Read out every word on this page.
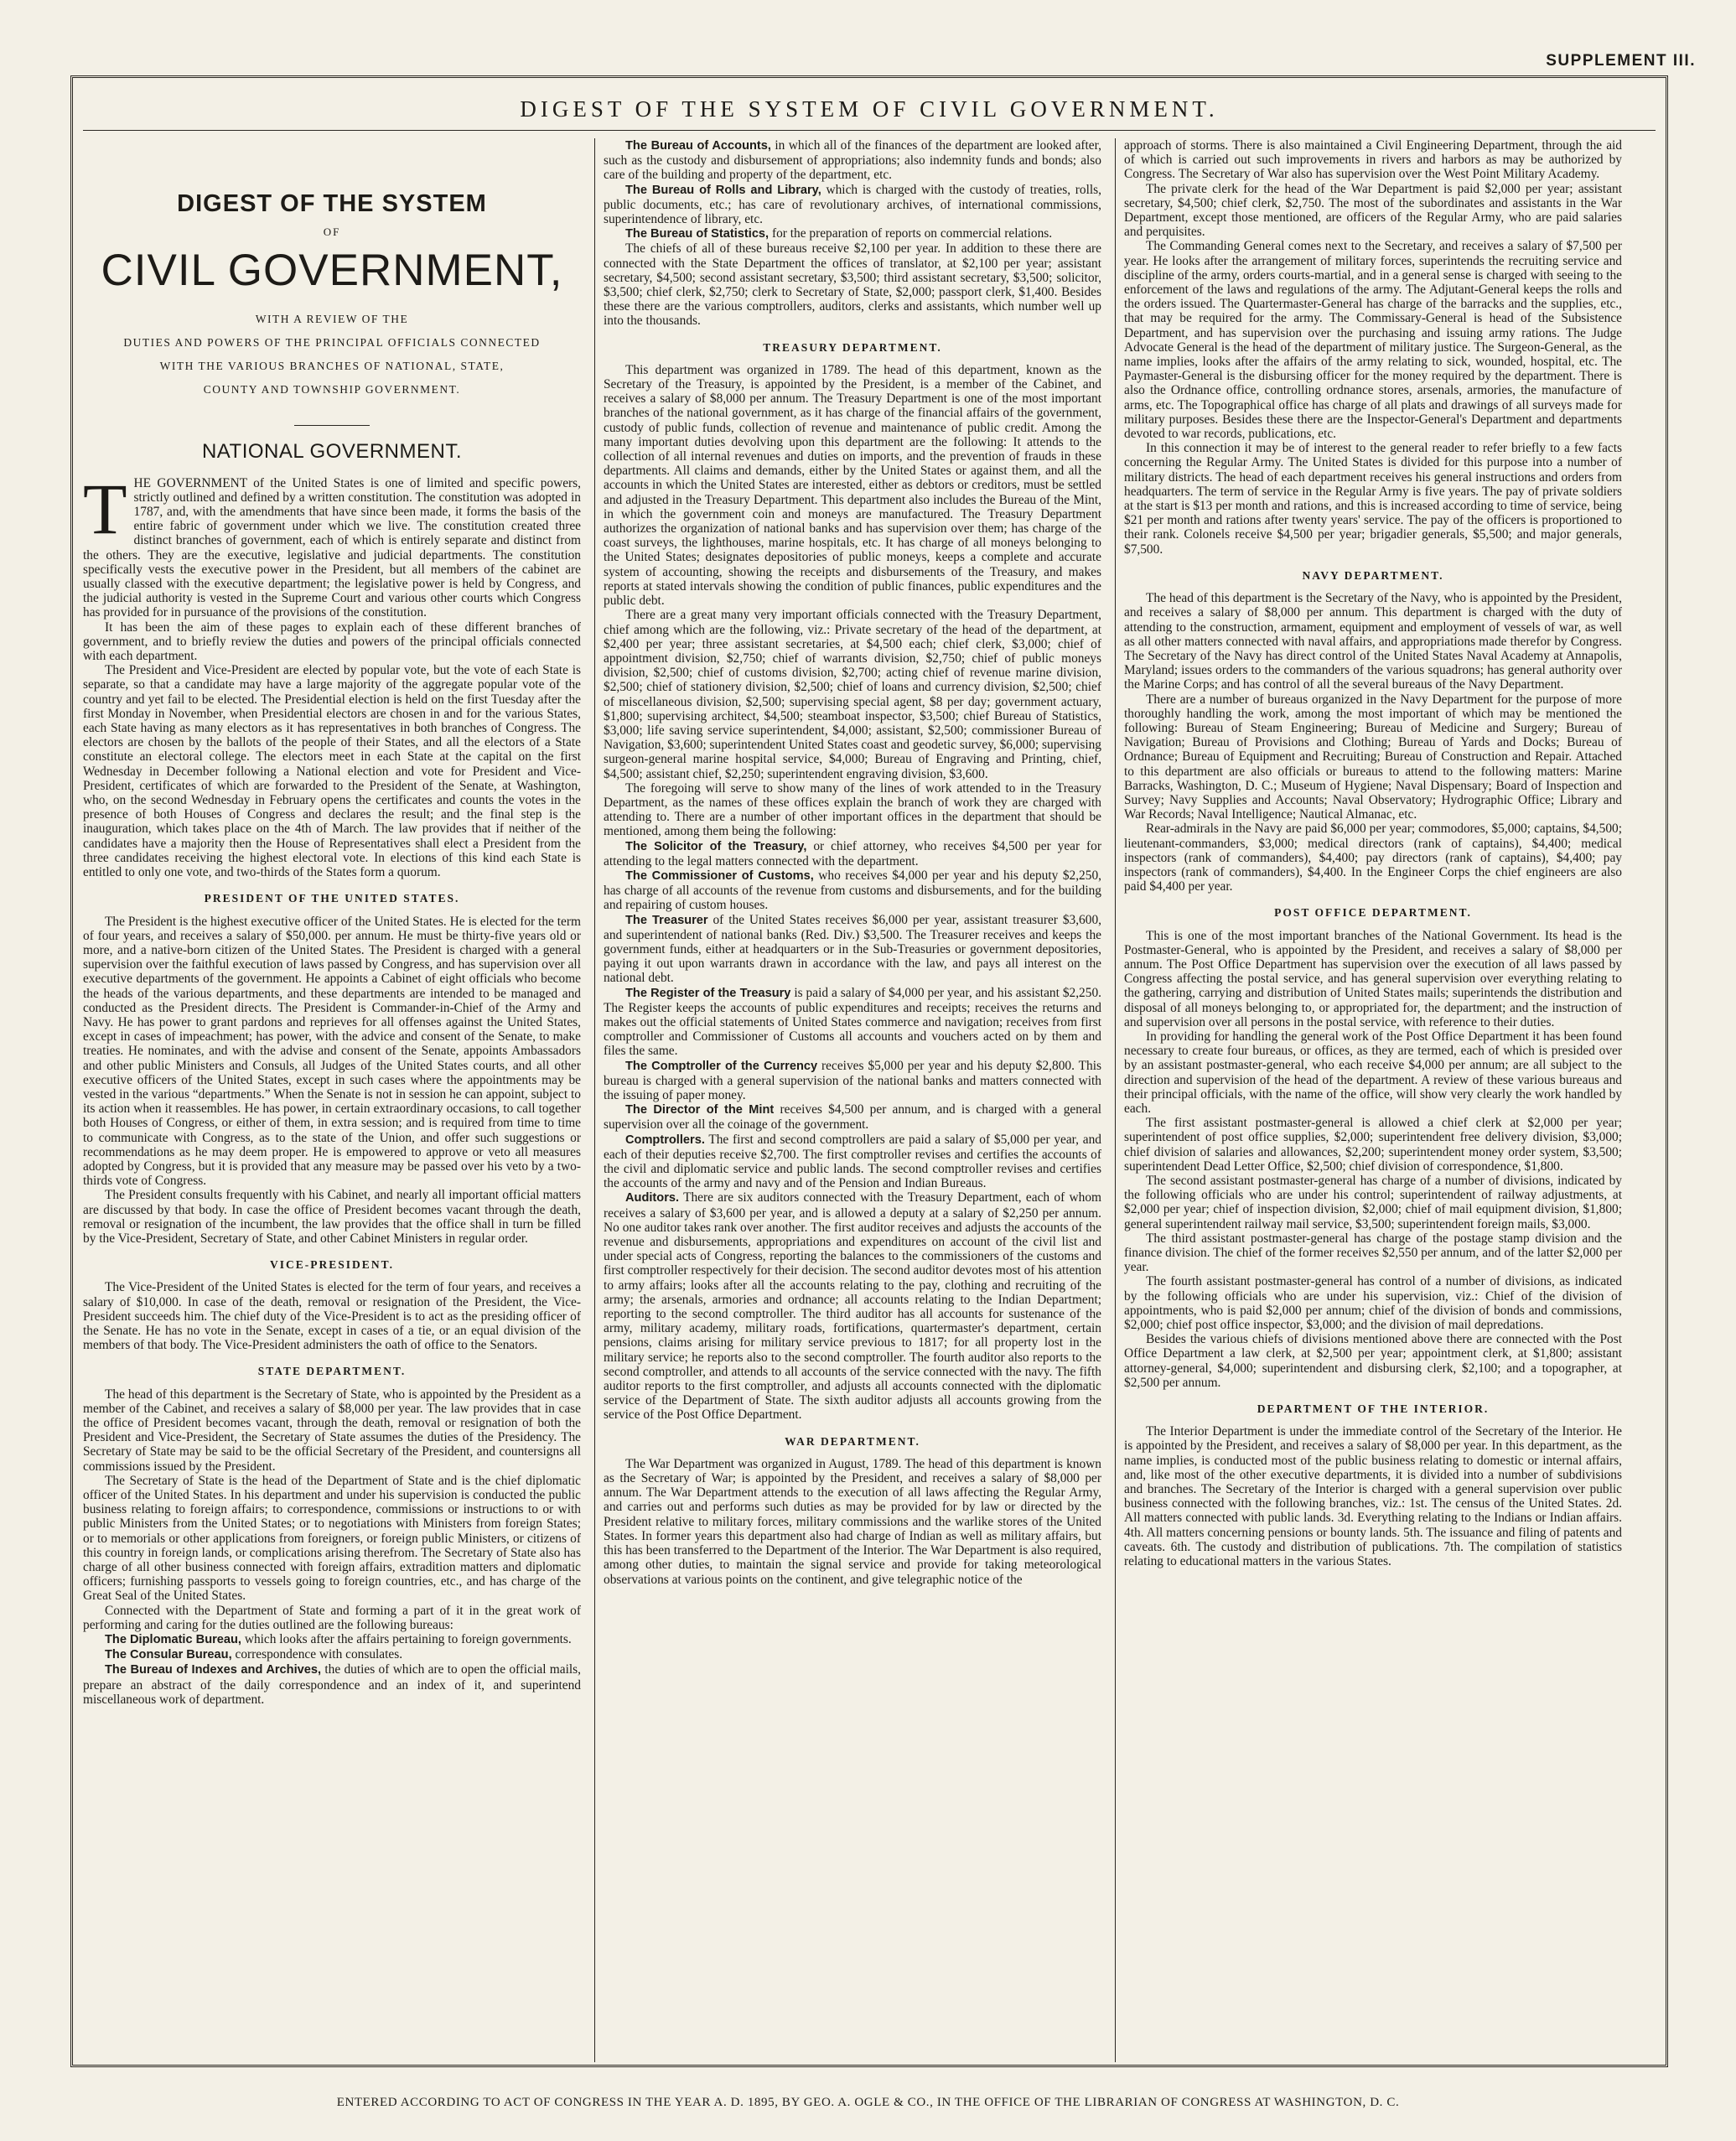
SUPPLEMENT III.
DIGEST OF THE SYSTEM OF CIVIL GOVERNMENT.
DIGEST OF THE SYSTEM
OF
CIVIL GOVERNMENT,
WITH A REVIEW OF THE
DUTIES AND POWERS OF THE PRINCIPAL OFFICIALS CONNECTED
WITH THE VARIOUS BRANCHES OF NATIONAL, STATE,
COUNTY AND TOWNSHIP GOVERNMENT.
NATIONAL GOVERNMENT.

THE GOVERNMENT of the United States is one of limited and specific powers, strictly outlined and defined by a written constitution. The constitution was adopted in 1787, and, with the amendments that have since been made, it forms the basis of the entire fabric of government under which we live. The constitution created three distinct branches of government, each of which is entirely separate and distinct from the others. They are the executive, legislative and judicial departments. The constitution specifically vests the executive power in the President, but all members of the cabinet are usually classed with the executive department; the legislative power is held by Congress, and the judicial authority is vested in the Supreme Court and various other courts which Congress has provided for in pursuance of the provisions of the constitution.

It has been the aim of these pages to explain each of these different branches of government, and to briefly review the duties and powers of the principal officials connected with each department.

The President and Vice-President are elected by popular vote, but the vote of each State is separate, so that a candidate may have a large majority of the aggregate popular vote of the country and yet fail to be elected. The Presidential election is held on the first Tuesday after the first Monday in November, when Presidential electors are chosen in and for the various States, each State having as many electors as it has representatives in both branches of Congress. The electors are chosen by the ballots of the people of their States, and all the electors of a State constitute an electoral college. The electors meet in each State at the capital on the first Wednesday in December following a National election and vote for President and Vice-President, certificates of which are forwarded to the President of the Senate, at Washington, who, on the second Wednesday in February opens the certificates and counts the votes in the presence of both Houses of Congress and declares the result; and the final step is the inauguration, which takes place on the 4th of March. The law provides that if neither of the candidates have a majority then the House of Representatives shall elect a President from the three candidates receiving the highest electoral vote. In elections of this kind each State is entitled to only one vote, and two-thirds of the States form a quorum.

PRESIDENT OF THE UNITED STATES.

The President is the highest executive officer of the United States. He is elected for the term of four years, and receives a salary of $50,000. per annum. He must be thirty-five years old or more, and a native-born citizen of the United States. The President is charged with a general supervision over the faithful execution of laws passed by Congress, and has supervision over all executive departments of the government. He appoints a Cabinet of eight officials who become the heads of the various departments, and these departments are intended to be managed and conducted as the President directs. The President is Commander-in-Chief of the Army and Navy. He has power to grant pardons and reprieves for all offenses against the United States, except in cases of impeachment; has power, with the advice and consent of the Senate, to make treaties. He nominates, and with the advise and consent of the Senate, appoints Ambassadors and other public Ministers and Consuls, all Judges of the United States courts, and all other executive officers of the United States, except in such cases where the appointments may be vested in the various “departments.” When the Senate is not in session he can appoint, subject to its action when it reassembles. He has power, in certain extraordinary occasions, to call together both Houses of Congress, or either of them, in extra session; and is required from time to time to communicate with Congress, as to the state of the Union, and offer such suggestions or recommendations as he may deem proper. He is empowered to approve or veto all measures adopted by Congress, but it is provided that any measure may be passed over his veto by a two-thirds vote of Congress.

The President consults frequently with his Cabinet, and nearly all important official matters are discussed by that body. In case the office of President becomes vacant through the death, removal or resignation of the incumbent, the law provides that the office shall in turn be filled by the Vice-President, Secretary of State, and other Cabinet Ministers in regular order.

VICE-PRESIDENT.

The Vice-President of the United States is elected for the term of four years, and receives a salary of $10,000. In case of the death, removal or resignation of the President, the Vice-President succeeds him. The chief duty of the Vice-President is to act as the presiding officer of the Senate. He has no vote in the Senate, except in cases of a tie, or an equal division of the members of that body. The Vice-President administers the oath of office to the Senators.

STATE DEPARTMENT.

The head of this department is the Secretary of State, who is appointed by the President as a member of the Cabinet, and receives a salary of $8,000 per year. The law provides that in case the office of President becomes vacant, through the death, removal or resignation of both the President and Vice-President, the Secretary of State assumes the duties of the Presidency. The Secretary of State may be said to be the official Secretary of the President, and countersigns all commissions issued by the President.

The Secretary of State is the head of the Department of State and is the chief diplomatic officer of the United States. In his department and under his supervision is conducted the public business relating to foreign affairs; to correspondence, commissions or instructions to or with public Ministers from the United States; or to negotiations with Ministers from foreign States; or to memorials or other applications from foreigners, or foreign public Ministers, or citizens of this country in foreign lands, or complications arising therefrom. The Secretary of State also has charge of all other business connected with foreign affairs, extradition matters and diplomatic officers; furnishing passports to vessels going to foreign countries, etc., and has charge of the Great Seal of the United States.

Connected with the Department of State and forming a part of it in the great work of performing and caring for the duties outlined are the following bureaus:

The Diplomatic Bureau, which looks after the affairs pertaining to foreign governments.

The Consular Bureau, correspondence with consulates.

The Bureau of Indexes and Archives, the duties of which are to open the official mails, prepare an abstract of the daily correspondence and an index of it, and superintend miscellaneous work of department.

The Bureau of Accounts, in which all of the finances of the department are looked after, such as the custody and disbursement of appropriations; also indemnity funds and bonds; also care of the building and property of the department, etc.

The Bureau of Rolls and Library, which is charged with the custody of treaties, rolls, public documents, etc.; has care of revolutionary archives, of international commissions, superintendence of library, etc.

The Bureau of Statistics, for the preparation of reports on commercial relations.

The chiefs of all of these bureaus receive $2,100 per year. In addition to these there are connected with the State Department the offices of translator, at $2,100 per year; assistant secretary, $4,500; second assistant secretary, $3,500; third assistant secretary, $3,500; solicitor, $3,500; chief clerk, $2,750; clerk to Secretary of State, $2,000; passport clerk, $1,400. Besides these there are the various comptrollers, auditors, clerks and assistants, which number well up into the thousands.

TREASURY DEPARTMENT.

This department was organized in 1789. The head of this department, known as the Secretary of the Treasury, is appointed by the President, is a member of the Cabinet, and receives a salary of $8,000 per annum. The Treasury Department is one of the most important branches of the national government, as it has charge of the financial affairs of the government, custody of public funds, collection of revenue and maintenance of public credit. Among the many important duties devolving upon this department are the following: It attends to the collection of all internal revenues and duties on imports, and the prevention of frauds in these departments. All claims and demands, either by the United States or against them, and all the accounts in which the United States are interested, either as debtors or creditors, must be settled and adjusted in the Treasury Department. This department also includes the Bureau of the Mint, in which the government coin and moneys are manufactured. The Treasury Department authorizes the organization of national banks and has supervision over them; has charge of the coast surveys, the lighthouses, marine hospitals, etc. It has charge of all moneys belonging to the United States; designates depositories of public moneys, keeps a complete and accurate system of accounting, showing the receipts and disbursements of the Treasury, and makes reports at stated intervals showing the condition of public finances, public expenditures and the public debt.

There are a great many very important officials connected with the Treasury Department, chief among which are the following, viz.: Private secretary of the head of the department, at $2,400 per year; three assistant secretaries, at $4,500 each; chief clerk, $3,000; chief of appointment division, $2,750; chief of warrants division, $2,750; chief of public moneys division, $2,500; chief of customs division, $2,700; acting chief of revenue marine division, $2,500; chief of stationery division, $2,500; chief of loans and currency division, $2,500; chief of miscellaneous division, $2,500; supervising special agent, $8 per day; government actuary, $1,800; supervising architect, $4,500; steamboat inspector, $3,500; chief Bureau of Statistics, $3,000; life saving service superintendent, $4,000; assistant, $2,500; commissioner Bureau of Navigation, $3,600; superintendent United States coast and geodetic survey, $6,000; supervising surgeon-general marine hospital service, $4,000; Bureau of Engraving and Printing, chief, $4,500; assistant chief, $2,250; superintendent engraving division, $3,600.

The foregoing will serve to show many of the lines of work attended to in the Treasury Department, as the names of these offices explain the branch of work they are charged with attending to. There are a number of other important offices in the department that should be mentioned, among them being the following:

The Solicitor of the Treasury, or chief attorney, who receives $4,500 per year for attending to the legal matters connected with the department.

The Commissioner of Customs, who receives $4,000 per year and his deputy $2,250, has charge of all accounts of the revenue from customs and disbursements, and for the building and repairing of custom houses.

The Treasurer of the United States receives $6,000 per year, assistant treasurer $3,600, and superintendent of national banks (Red. Div.) $3,500. The Treasurer receives and keeps the government funds, either at headquarters or in the Sub-Treasuries or government depositories, paying it out upon warrants drawn in accordance with the law, and pays all interest on the national debt.

The Register of the Treasury is paid a salary of $4,000 per year, and his assistant $2,250. The Register keeps the accounts of public expenditures and receipts; receives the returns and makes out the official statements of United States commerce and navigation; receives from first comptroller and Commissioner of Customs all accounts and vouchers acted on by them and files the same.

The Comptroller of the Currency receives $5,000 per year and his deputy $2,800. This bureau is charged with a general supervision of the national banks and matters connected with the issuing of paper money.

The Director of the Mint receives $4,500 per annum, and is charged with a general supervision over all the coinage of the government.

Comptrollers. The first and second comptrollers are paid a salary of $5,000 per year, and each of their deputies receive $2,700. The first comptroller revises and certifies the accounts of the civil and diplomatic service and public lands. The second comptroller revises and certifies the accounts of the army and navy and of the Pension and Indian Bureaus.

Auditors. There are six auditors connected with the Treasury Department, each of whom receives a salary of $3,600 per year, and is allowed a deputy at a salary of $2,250 per annum. No one auditor takes rank over another. The first auditor receives and adjusts the accounts of the revenue and disbursements, appropriations and expenditures on account of the civil list and under special acts of Congress, reporting the balances to the commissioners of the customs and first comptroller respectively for their decision. The second auditor devotes most of his attention to army affairs; looks after all the accounts relating to the pay, clothing and recruiting of the army; the arsenals, armories and ordnance; all accounts relating to the Indian Department; reporting to the second comptroller. The third auditor has all accounts for sustenance of the army, military academy, military roads, fortifications, quartermaster's department, certain pensions, claims arising for military service previous to 1817; for all property lost in the military service; he reports also to the second comptroller. The fourth auditor also reports to the second comptroller, and attends to all accounts of the service connected with the navy. The fifth auditor reports to the first comptroller, and adjusts all accounts connected with the diplomatic service of the Department of State. The sixth auditor adjusts all accounts growing from the service of the Post Office Department.

WAR DEPARTMENT.

The War Department was organized in August, 1789. The head of this department is known as the Secretary of War; is appointed by the President, and receives a salary of $8,000 per annum. The War Department attends to the execution of all laws affecting the Regular Army, and carries out and performs such duties as may be provided for by law or directed by the President relative to military forces, military commissions and the warlike stores of the United States. In former years this department also had charge of Indian as well as military affairs, but this has been transferred to the Department of the Interior. The War Department is also required, among other duties, to maintain the signal service and provide for taking meteorological observations at various points on the continent, and give telegraphic notice of the

approach of storms. There is also maintained a Civil Engineering Department, through the aid of which is carried out such improvements in rivers and harbors as may be authorized by Congress. The Secretary of War also has supervision over the West Point Military Academy.

The private clerk for the head of the War Department is paid $2,000 per year; assistant secretary, $4,500; chief clerk, $2,750. The most of the subordinates and assistants in the War Department, except those mentioned, are officers of the Regular Army, who are paid salaries and perquisites.

The Commanding General comes next to the Secretary, and receives a salary of $7,500 per year. He looks after the arrangement of military forces, superintends the recruiting service and discipline of the army, orders courts-martial, and in a general sense is charged with seeing to the enforcement of the laws and regulations of the army. The Adjutant-General keeps the rolls and the orders issued. The Quartermaster-General has charge of the barracks and the supplies, etc., that may be required for the army. The Commissary-General is head of the Subsistence Department, and has supervision over the purchasing and issuing army rations. The Judge Advocate General is the head of the department of military justice. The Surgeon-General, as the name implies, looks after the affairs of the army relating to sick, wounded, hospital, etc. The Paymaster-General is the disbursing officer for the money required by the department. There is also the Ordnance office, controlling ordnance stores, arsenals, armories, the manufacture of arms, etc. The Topographical office has charge of all plats and drawings of all surveys made for military purposes. Besides these there are the Inspector-General's Department and departments devoted to war records, publications, etc.

In this connection it may be of interest to the general reader to refer briefly to a few facts concerning the Regular Army. The United States is divided for this purpose into a number of military districts. The head of each department receives his general instructions and orders from headquarters. The term of service in the Regular Army is five years. The pay of private soldiers at the start is $13 per month and rations, and this is increased according to time of service, being $21 per month and rations after twenty years' service. The pay of the officers is proportioned to their rank. Colonels receive $4,500 per year; brigadier generals, $5,500; and major generals, $7,500.

NAVY DEPARTMENT.

The head of this department is the Secretary of the Navy, who is appointed by the President, and receives a salary of $8,000 per annum. This department is charged with the duty of attending to the construction, armament, equipment and employment of vessels of war, as well as all other matters connected with naval affairs, and appropriations made therefor by Congress. The Secretary of the Navy has direct control of the United States Naval Academy at Annapolis, Maryland; issues orders to the commanders of the various squadrons; has general authority over the Marine Corps; and has control of all the several bureaus of the Navy Department.

There are a number of bureaus organized in the Navy Department for the purpose of more thoroughly handling the work, among the most important of which may be mentioned the following: Bureau of Steam Engineering; Bureau of Medicine and Surgery; Bureau of Navigation; Bureau of Provisions and Clothing; Bureau of Yards and Docks; Bureau of Ordnance; Bureau of Equipment and Recruiting; Bureau of Construction and Repair. Attached to this department are also officials or bureaus to attend to the following matters: Marine Barracks, Washington, D. C.; Museum of Hygiene; Naval Dispensary; Board of Inspection and Survey; Navy Supplies and Accounts; Naval Observatory; Hydrographic Office; Library and War Records; Naval Intelligence; Nautical Almanac, etc.

Rear-admirals in the Navy are paid $6,000 per year; commodores, $5,000; captains, $4,500; lieutenant-commanders, $3,000; medical directors (rank of captains), $4,400; medical inspectors (rank of commanders), $4,400; pay directors (rank of captains), $4,400; pay inspectors (rank of commanders), $4,400. In the Engineer Corps the chief engineers are also paid $4,400 per year.

POST OFFICE DEPARTMENT.

This is one of the most important branches of the National Government. Its head is the Postmaster-General, who is appointed by the President, and receives a salary of $8,000 per annum. The Post Office Department has supervision over the execution of all laws passed by Congress affecting the postal service, and has general supervision over everything relating to the gathering, carrying and distribution of United States mails; superintends the distribution and disposal of all moneys belonging to, or appropriated for, the department; and the instruction of and supervision over all persons in the postal service, with reference to their duties.

In providing for handling the general work of the Post Office Department it has been found necessary to create four bureaus, or offices, as they are termed, each of which is presided over by an assistant postmaster-general, who each receive $4,000 per annum; are all subject to the direction and supervision of the head of the department. A review of these various bureaus and their principal officials, with the name of the office, will show very clearly the work handled by each.

The first assistant postmaster-general is allowed a chief clerk at $2,000 per year; superintendent of post office supplies, $2,000; superintendent free delivery division, $3,000; chief division of salaries and allowances, $2,200; superintendent money order system, $3,500; superintendent Dead Letter Office, $2,500; chief division of correspondence, $1,800.

The second assistant postmaster-general has charge of a number of divisions, indicated by the following officials who are under his control; superintendent of railway adjustments, at $2,000 per year; chief of inspection division, $2,000; chief of mail equipment division, $1,800; general superintendent railway mail service, $3,500; superintendent foreign mails, $3,000.

The third assistant postmaster-general has charge of the postage stamp division and the finance division. The chief of the former receives $2,550 per annum, and of the latter $2,000 per year.

The fourth assistant postmaster-general has control of a number of divisions, as indicated by the following officials who are under his supervision, viz.: Chief of the division of appointments, who is paid $2,000 per annum; chief of the division of bonds and commissions, $2,000; chief post office inspector, $3,000; and the division of mail depredations.

Besides the various chiefs of divisions mentioned above there are connected with the Post Office Department a law clerk, at $2,500 per year; appointment clerk, at $1,800; assistant attorney-general, $4,000; superintendent and disbursing clerk, $2,100; and a topographer, at $2,500 per annum.

DEPARTMENT OF THE INTERIOR.

The Interior Department is under the immediate control of the Secretary of the Interior. He is appointed by the President, and receives a salary of $8,000 per year. In this department, as the name implies, is conducted most of the public business relating to domestic or internal affairs, and, like most of the other executive departments, it is divided into a number of subdivisions and branches. The Secretary of the Interior is charged with a general supervision over public business connected with the following branches, viz.: 1st. The census of the United States. 2d. All matters connected with public lands. 3d. Everything relating to the Indians or Indian affairs. 4th. All matters concerning pensions or bounty lands. 5th. The issuance and filing of patents and caveats. 6th. The custody and distribution of publications. 7th. The compilation of statistics relating to educational matters in the various States.

ENTERED ACCORDING TO ACT OF CONGRESS IN THE YEAR A. D. 1895, BY GEO. A. OGLE & CO., IN THE OFFICE OF THE LIBRARIAN OF CONGRESS AT WASHINGTON, D. C.
